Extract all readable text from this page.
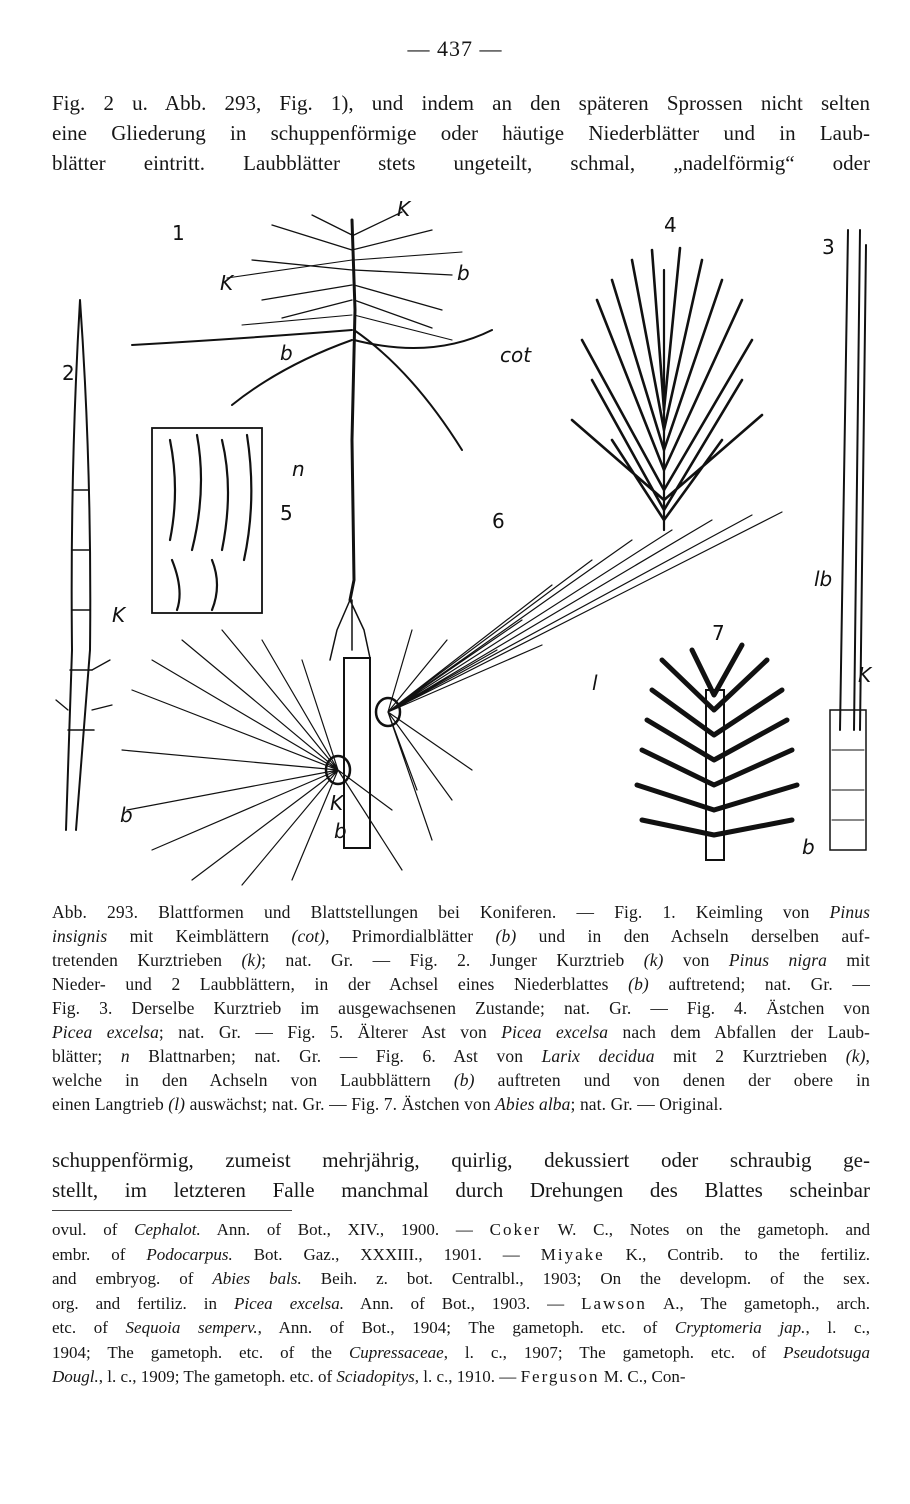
— 437 —
Fig. 2 u. Abb. 293, Fig. 1), und indem an den späteren Sprossen nicht selten
eine Gliederung in schuppenförmige oder häutige Niederblätter und in Laub-
blätter eintritt. Laubblätter stets ungeteilt, schmal, „nadelförmig“ oder
1
2
3
4
5	6
7
K
K	b
b	cot
n
K
b
l
K
b
lb
K
b
Abb. 293. Blattformen und Blattstellungen bei Koniferen. — Fig. 1. Keimling von Pinus
insignis mit Keimblättern (cot), Primordialblätter (b) und in den Achseln derselben auf-
tretenden Kurztrieben (k); nat. Gr. — Fig. 2. Junger Kurztrieb (k) von Pinus nigra mit
Nieder- und 2 Laubblättern, in der Achsel eines Niederblattes (b) auftretend; nat. Gr. —
Fig. 3. Derselbe Kurztrieb im ausgewachsenen Zustande; nat. Gr. — Fig. 4. Ästchen von
Picea excelsa; nat. Gr. — Fig. 5. Älterer Ast von Picea excelsa nach dem Abfallen der Laub-
blätter; n Blattnarben; nat. Gr. — Fig. 6. Ast von Larix decidua mit 2 Kurztrieben (k),
welche in den Achseln von Laubblättern (b) auftreten und von denen der obere in
einen Langtrieb (l) auswächst; nat. Gr. — Fig. 7. Ästchen von Abies alba; nat. Gr. — Original.
schuppenförmig, zumeist mehrjährig, quirlig, dekussiert oder schraubig ge-
stellt, im letzteren Falle manchmal durch Drehungen des Blattes scheinbar
ovul. of Cephalot. Ann. of Bot., XIV., 1900. — Coker W. C., Notes on the gametoph. and
embr. of Podocarpus. Bot. Gaz., XXXIII., 1901. — Miyake K., Contrib. to the fertiliz.
and embryog. of Abies bals. Beih. z. bot. Centralbl., 1903; On the developm. of the sex.
org. and fertiliz. in Picea excelsa. Ann. of Bot., 1903. — Lawson A., The gametoph., arch.
etc. of Sequoia semperv., Ann. of Bot., 1904; The gametoph. etc. of Cryptomeria jap., l. c.,
1904; The gametoph. etc. of the Cupressaceae, l. c., 1907; The gametoph. etc. of Pseudotsuga
Dougl., l. c., 1909; The gametoph. etc. of Sciadopitys, l. c., 1910. — Ferguson M. C., Con-
